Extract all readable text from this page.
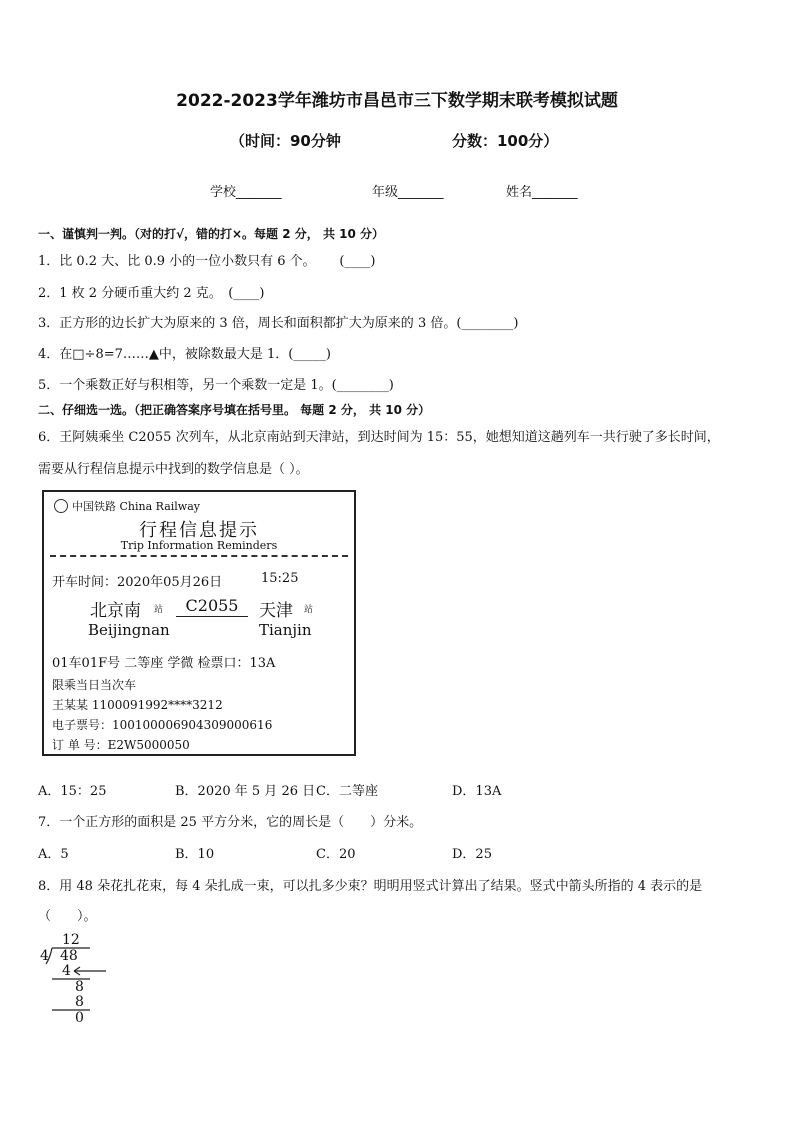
2022-2023学年潍坊市昌邑市三下数学期末联考模拟试题
（时间：90分钟	分数：100分）
学校_______	年级_______	姓名_______
一、谨慎判一判。（对的打√，错的打×。每题 2 分， 共 10 分）
1．比 0.2 大、比 0.9 小的一位小数只有 6 个。　　 (____)
2．1 枚 2 分硬币重大约 2 克。　(____)
3．正方形的边长扩大为原来的 3 倍，周长和面积都扩大为原来的 3 倍。(________)
4．在□÷8=7……▲中，被除数最大是 1．(_____)
5．一个乘数正好与积相等，另一个乘数一定是 1。(________)
二、仔细选一选。（把正确答案序号填在括号里。 每题 2 分， 共 10 分）
6．王阿姨乘坐 C2055 次列车，从北京南站到天津站，到达时间为 15：55，她想知道这趟列车一共行驶了多长时间，
需要从行程信息提示中找到的数学信息是（ ）。
中国铁路 China Railway
行程信息提示
Trip Information Reminders
开车时间：2020年05月26日	15:25
北京南 站	C2055	天津 站
Beijingnan	Tianjin
01车01F号 二等座 学微 检票口：13A
限乘当日当次车
王某某 1100091992****3212
电子票号：10010000690430900061​6
订 单 号：E2W5000050
A．15：25	B．2020 年 5 月 26 日 C．二等座	D．13A
7．一个正方形的面积是 25 平方分米，它的周长是（　　）分米。
A．5	B．10	C．20	D．25
8．用 48 朵花扎花束，每 4 朵扎成一束，可以扎多少束？明明用竖式计算出了结果。竖式中箭头所指的 4 表示的是
（　　）。
12
4 48
4
8
8
0
